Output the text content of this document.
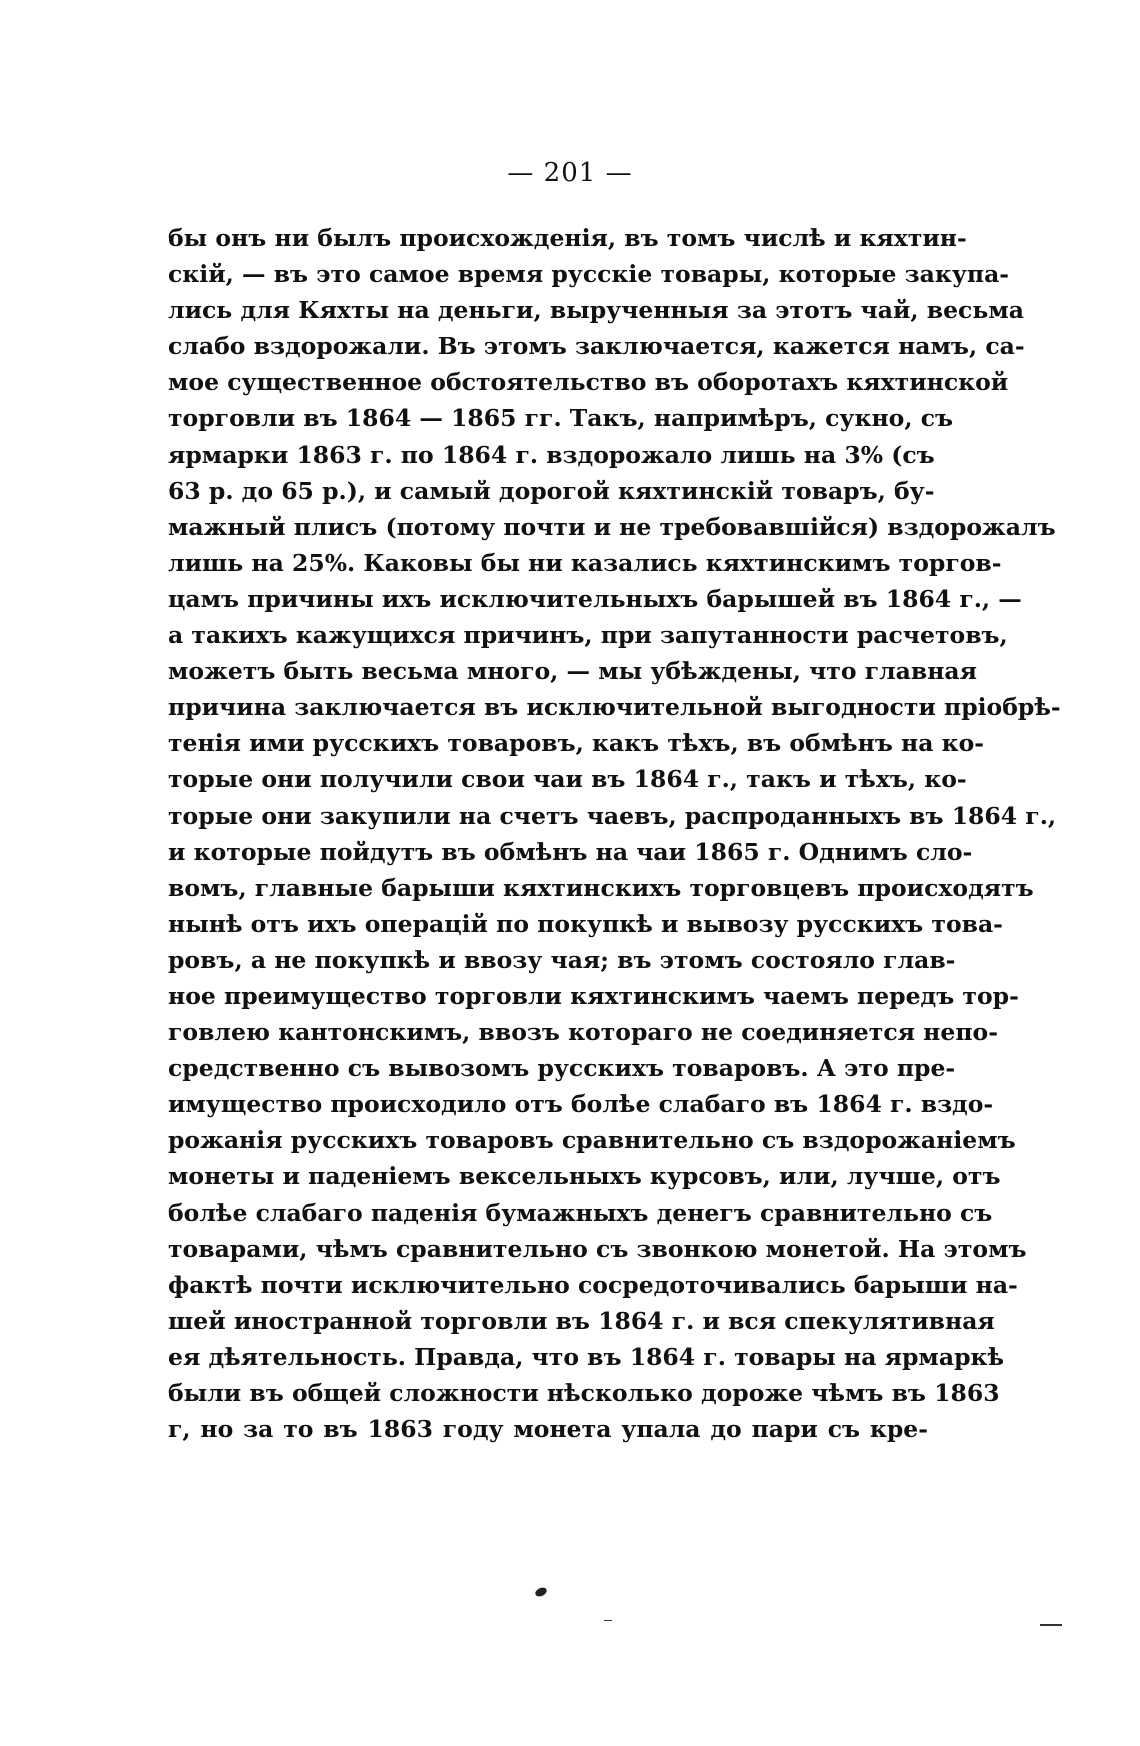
— 201 —
бы онъ ни былъ происхожденія, въ томъ числѣ и кяхтин-
скій, — въ это самое время русскіе товары, которые закупа-
лись для Кяхты на деньги, вырученныя за этотъ чай, весьма
слабо вздорожали. Въ этомъ заключается, кажется намъ, са-
мое существенное обстоятельство въ оборотахъ кяхтинской
торговли въ 1864 — 1865 гг. Такъ, напримѣръ, сукно, съ
ярмарки 1863 г. по 1864 г. вздорожало лишь на 3% (съ
63 р. до 65 р.), и самый дорогой кяхтинскій товаръ, бу-
мажный плисъ (потому почти и не требовавшійся) вздорожалъ
лишь на 25%. Каковы бы ни казались кяхтинскимъ торгов-
цамъ причины ихъ исключительныхъ барышей въ 1864 г., —
а такихъ кажущихся причинъ, при запутанности расчетовъ,
можетъ быть весьма много, — мы убѣждены, что главная
причина заключается въ исключительной выгодности пріобрѣ-
тенія ими русскихъ товаровъ, какъ тѣхъ, въ обмѣнъ на ко-
торые они получили свои чаи въ 1864 г., такъ и тѣхъ, ко-
торые они закупили на счетъ чаевъ, распроданныхъ въ 1864 г.,
и которые пойдутъ въ обмѣнъ на чаи 1865 г. Однимъ сло-
вомъ, главные барыши кяхтинскихъ торговцевъ происходятъ
нынѣ отъ ихъ операцій по покупкѣ и вывозу русскихъ това-
ровъ, а не покупкѣ и ввозу чая; въ этомъ состояло глав-
ное преимущество торговли кяхтинскимъ чаемъ передъ тор-
говлею кантонскимъ, ввозъ котораго не соединяется непо-
средственно съ вывозомъ русскихъ товаровъ. А это пре-
имущество происходило отъ болѣе слабаго въ 1864 г. вздо-
рожанія русскихъ товаровъ сравнительно съ вздорожаніемъ
монеты и паденіемъ вексельныхъ курсовъ, или, лучше, отъ
болѣе слабаго паденія бумажныхъ денегъ сравнительно съ
товарами, чѣмъ сравнительно съ звонкою монетой. На этомъ
фактѣ почти исключительно сосредоточивались барыши на-
шей иностранной торговли въ 1864 г. и вся спекулятивная
ея дѣятельность. Правда, что въ 1864 г. товары на ярмаркѣ
были въ общей сложности нѣсколько дороже чѣмъ въ 1863
г, но за то въ 1863 году монета упала до пари съ кре-
